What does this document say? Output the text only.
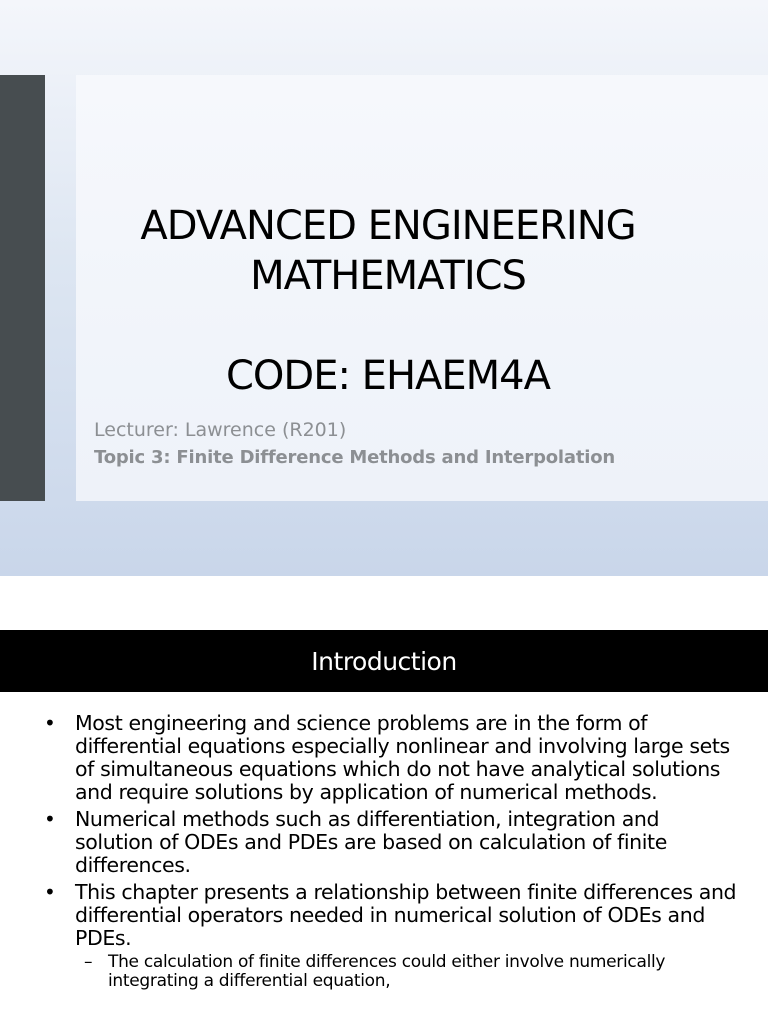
ADVANCED ENGINEERING
MATHEMATICS
CODE: EHAEM4A
Lecturer: Lawrence (R201)
Topic 3: Finite Difference Methods and Interpolation
Introduction
• Most engineering and science problems are in the form of differential equations especially nonlinear and involving large sets of simultaneous equations which do not have analytical solutions and require solutions by application of numerical methods.
• Numerical methods such as differentiation, integration and solution of ODEs and PDEs are based on calculation of finite differences.
• This chapter presents a relationship between finite differences and differential operators needed in numerical solution of ODEs and PDEs.
– The calculation of finite differences could either involve numerically integrating a differential equation,
